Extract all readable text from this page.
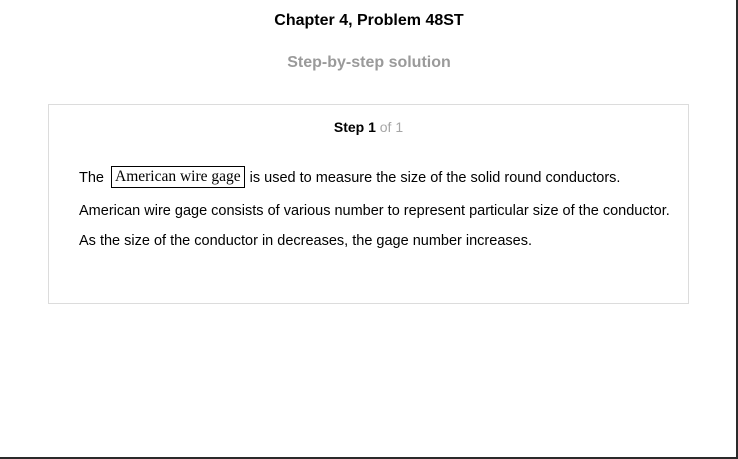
Chapter 4, Problem 48ST
Step-by-step solution
Step 1 of 1
The American wire gage is used to measure the size of the solid round conductors.
American wire gage consists of various number to represent particular size of the conductor.
As the size of the conductor in decreases, the gage number increases.
